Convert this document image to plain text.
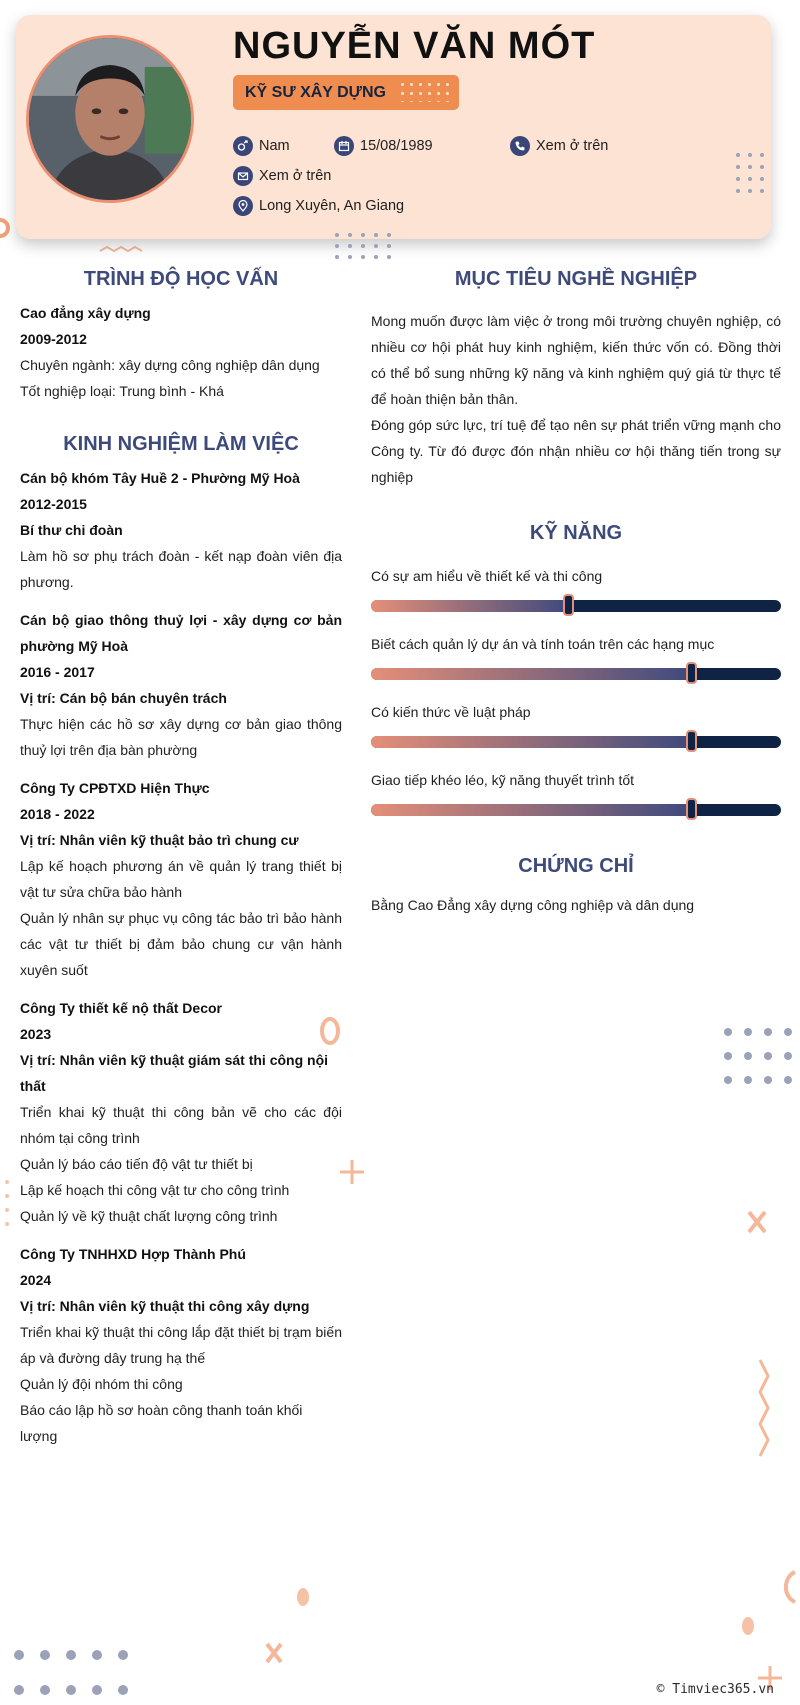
NGUYỄN VĂN MÓT
KỸ SƯ XÂY DỰNG
Nam	15/08/1989	Xem ở trên
Xem ở trên
Long Xuyên, An Giang
TRÌNH ĐỘ HỌC VẤN

Cao đẳng xây dựng

2009-2012

Chuyên ngành: xây dựng công nghiệp dân dụng

Tốt nghiệp loại: Trung bình - Khá

KINH NGHIỆM LÀM VIỆC

Cán bộ khóm Tây Huề 2 - Phường Mỹ Hoà

2012-2015

Bí thư chi đoàn

Làm hồ sơ phụ trách đoàn - kết nạp đoàn viên địa phương.

Cán bộ giao thông thuỷ lợi - xây dựng cơ bản phường Mỹ Hoà

2016 - 2017

Vị trí: Cán bộ bán chuyên trách

Thực hiện các hồ sơ xây dựng cơ bản giao thông thuỷ lợi trên địa bàn phường

Công Ty CPĐTXD Hiện Thực

2018 - 2022

Vị trí: Nhân viên kỹ thuật bảo trì chung cư

Lập kế hoạch phương án về quản lý trang thiết bị vật tư sửa chữa bảo hành

Quản lý nhân sự phục vụ công tác bảo trì bảo hành các vật tư thiết bị đảm bảo chung cư vận hành xuyên suốt

Công Ty thiết kế nộ thất Decor

2023

Vị trí: Nhân viên kỹ thuật giám sát thi công nội thất

Triển khai kỹ thuật thi công bản vẽ cho các đội nhóm tại công trình

Quản lý báo cáo tiến độ vật tư thiết bị

Lập kế hoạch thi công vật tư cho công trình

Quản lý về kỹ thuật chất lượng công trình

Công Ty TNHHXD Hợp Thành Phú

2024

Vị trí: Nhân viên kỹ thuật thi công xây dựng

Triển khai kỹ thuật thi công lắp đặt thiết bị trạm biến áp và đường dây trung hạ thế

Quản lý đội nhóm thi công

Báo cáo lập hồ sơ hoàn công thanh toán khối lượng

MỤC TIÊU NGHỀ NGHIỆP

Mong muốn được làm việc ở trong môi trường chuyên nghiệp, có nhiều cơ hội phát huy kinh nghiệm, kiến thức vốn có. Đồng thời có thể bổ sung những kỹ năng và kinh nghiệm quý giá từ thực tế để hoàn thiện bản thân.

Đóng góp sức lực, trí tuệ để tạo nên sự phát triển vững mạnh cho Công ty. Từ đó được đón nhận nhiều cơ hội thăng tiến trong sự nghiệp

KỸ NĂNG
Có sự am hiểu về thiết kế và thi công
Biết cách quản lý dự án và tính toán trên các hạng mục
Có kiến thức về luật pháp
Giao tiếp khéo léo, kỹ năng thuyết trình tốt
CHỨNG CHỈ

Bằng Cao Đẳng xây dựng công nghiệp và dân dụng

© Timviec365.vn
